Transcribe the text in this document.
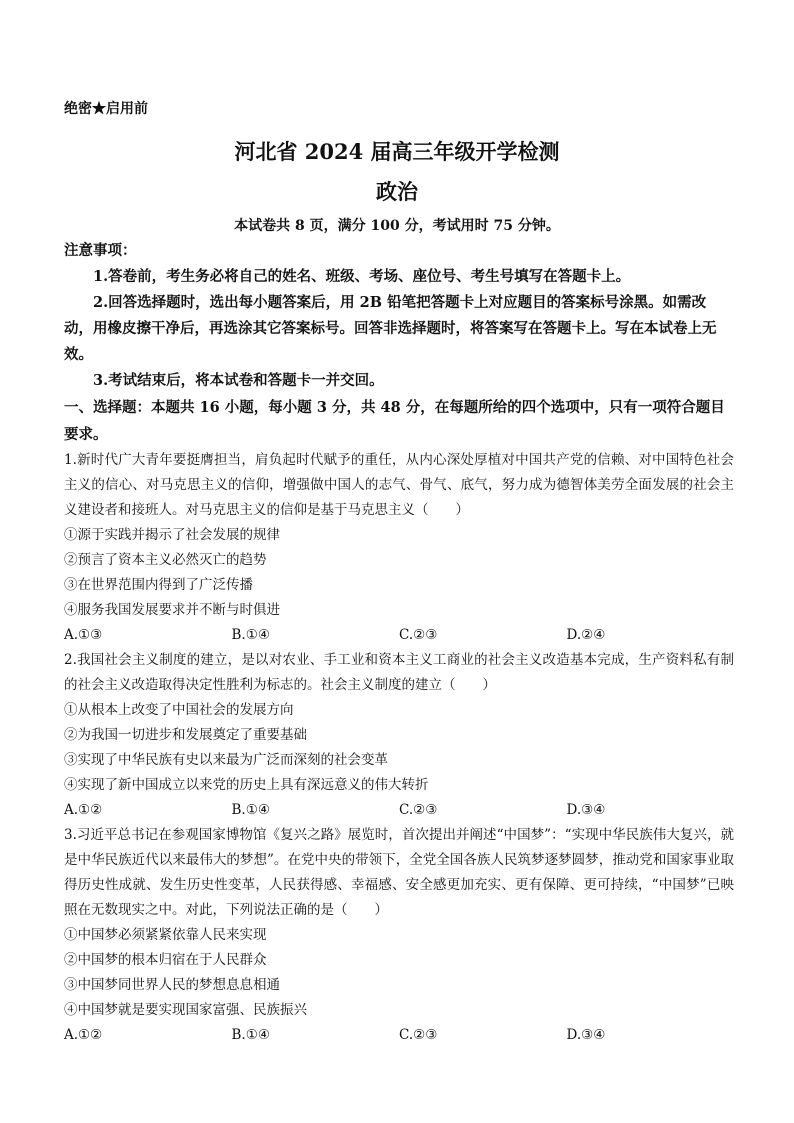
绝密★启用前
河北省 2024 届高三年级开学检测
政治
本试卷共 8 页，满分 100 分，考试用时 75 分钟。

注意事项：

1.答卷前，考生务必将自己的姓名、班级、考场、座位号、考生号填写在答题卡上。

2.回答选择题时，选出每小题答案后，用 2B 铅笔把答题卡上对应题目的答案标号涂黑。如需改动，用橡皮擦干净后，再选涂其它答案标号。回答非选择题时，将答案写在答题卡上。写在本试卷上无效。

3.考试结束后，将本试卷和答题卡一并交回。

一、选择题：本题共 16 小题，每小题 3 分，共 48 分，在每题所给的四个选项中，只有一项符合题目要求。

1.新时代广大青年要挺膺担当，肩负起时代赋予的重任，从内心深处厚植对中国共产党的信赖、对中国特色社会主义的信心、对马克思主义的信仰，增强做中国人的志气、骨气、底气，努力成为德智体美劳全面发展的社会主义建设者和接班人。对马克思主义的信仰是基于马克思主义（　　）

①源于实践并揭示了社会发展的规律

②预言了资本主义必然灭亡的趋势

③在世界范围内得到了广泛传播

④服务我国发展要求并不断与时俱进

A.①③	B.①④	C.②③	D.②④

2.我国社会主义制度的建立，是以对农业、手工业和资本主义工商业的社会主义改造基本完成，生产资料私有制的社会主义改造取得决定性胜利为标志的。社会主义制度的建立（　　）

①从根本上改变了中国社会的发展方向

②为我国一切进步和发展奠定了重要基础

③实现了中华民族有史以来最为广泛而深刻的社会变革

④实现了新中国成立以来党的历史上具有深远意义的伟大转折

A.①②	B.①④	C.②③	D.③④

3.习近平总书记在参观国家博物馆《复兴之路》展览时，首次提出并阐述“中国梦”：“实现中华民族伟大复兴，就是中华民族近代以来最伟大的梦想”。在党中央的带领下，全党全国各族人民筑梦逐梦圆梦，推动党和国家事业取得历史性成就、发生历史性变革，人民获得感、幸福感、安全感更加充实、更有保障、更可持续，“中国梦”已映照在无数现实之中。对此，下列说法正确的是（　　）

①中国梦必须紧紧依靠人民来实现

②中国梦的根本归宿在于人民群众

③中国梦同世界人民的梦想息息相通

④中国梦就是要实现国家富强、民族振兴

A.①②	B.①④	C.②③	D.③④
